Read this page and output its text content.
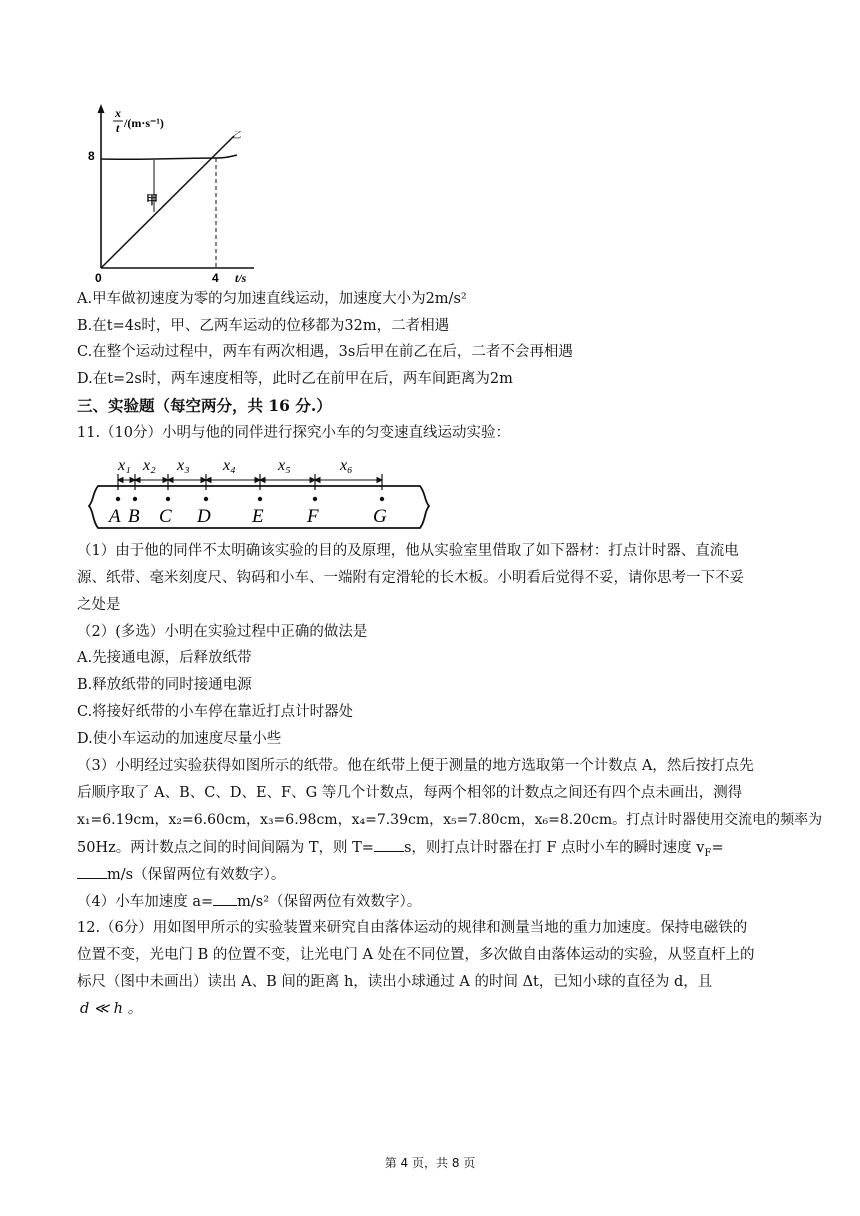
x
t /(m·s⁻¹)
8
0	4 t/s
甲
乙
A.甲车做初速度为零的匀加速直线运动，加速度大小为2m/s²
B.在t=4s时，甲、乙两车运动的位移都为32m，二者相遇
C.在整个运动过程中，两车有两次相遇，3s后甲在前乙在后，二者不会再相遇
D.在t=2s时，两车速度相等，此时乙在前甲在后，两车间距离为2m
三、实验题（每空两分，共 16 分.）
11.（10分）小明与他的同伴进行探究小车的匀变速直线运动实验：
x₁ x₂ x₃ x₄	x₅	x₆
A B C D E F	G
（1）由于他的同伴不太明确该实验的目的及原理，他从实验室里借取了如下器材：打点计时器、直流电
源、纸带、毫米刻度尺、钩码和小车、一端附有定滑轮的长木板。小明看后觉得不妥，请你思考一下不妥
之处是
（2）(多选）小明在实验过程中正确的做法是
A.先接通电源，后释放纸带
B.释放纸带的同时接通电源
C.将接好纸带的小车停在靠近打点计时器处
D.使小车运动的加速度尽量小些
（3）小明经过实验获得如图所示的纸带。他在纸带上便于测量的地方选取第一个计数点 A，然后按打点先
后顺序取了 A、B、C、D、E、F、G 等几个计数点，每两个相邻的计数点之间还有四个点未画出，测得
x₁=6.19cm，x₂=6.60cm，x₃=6.98cm，x₄=7.39cm，x₅=7.80cm，x₆=8.20cm。打点计时器使用交流电的频率为
50Hz。两计数点之间的时间间隔为 T，则 T= s，则打点计时器在打 F 点时小车的瞬时速度 $v_F=$
m/s（保留两位有效数字）。
（4）小车加速度 a= m/s²（保留两位有效数字）。
12.（6分）用如图甲所示的实验装置来研究自由落体运动的规律和测量当地的重力加速度。保持电磁铁的
位置不变，光电门 B 的位置不变，让光电门 A 处在不同位置，多次做自由落体运动的实验，从竖直杆上的
标尺（图中未画出）读出 A、B 间的距离 h，读出小球通过 A 的时间 Δt，已知小球的直径为 d，且
d ≪ h 。
第 4 页，共 8 页
